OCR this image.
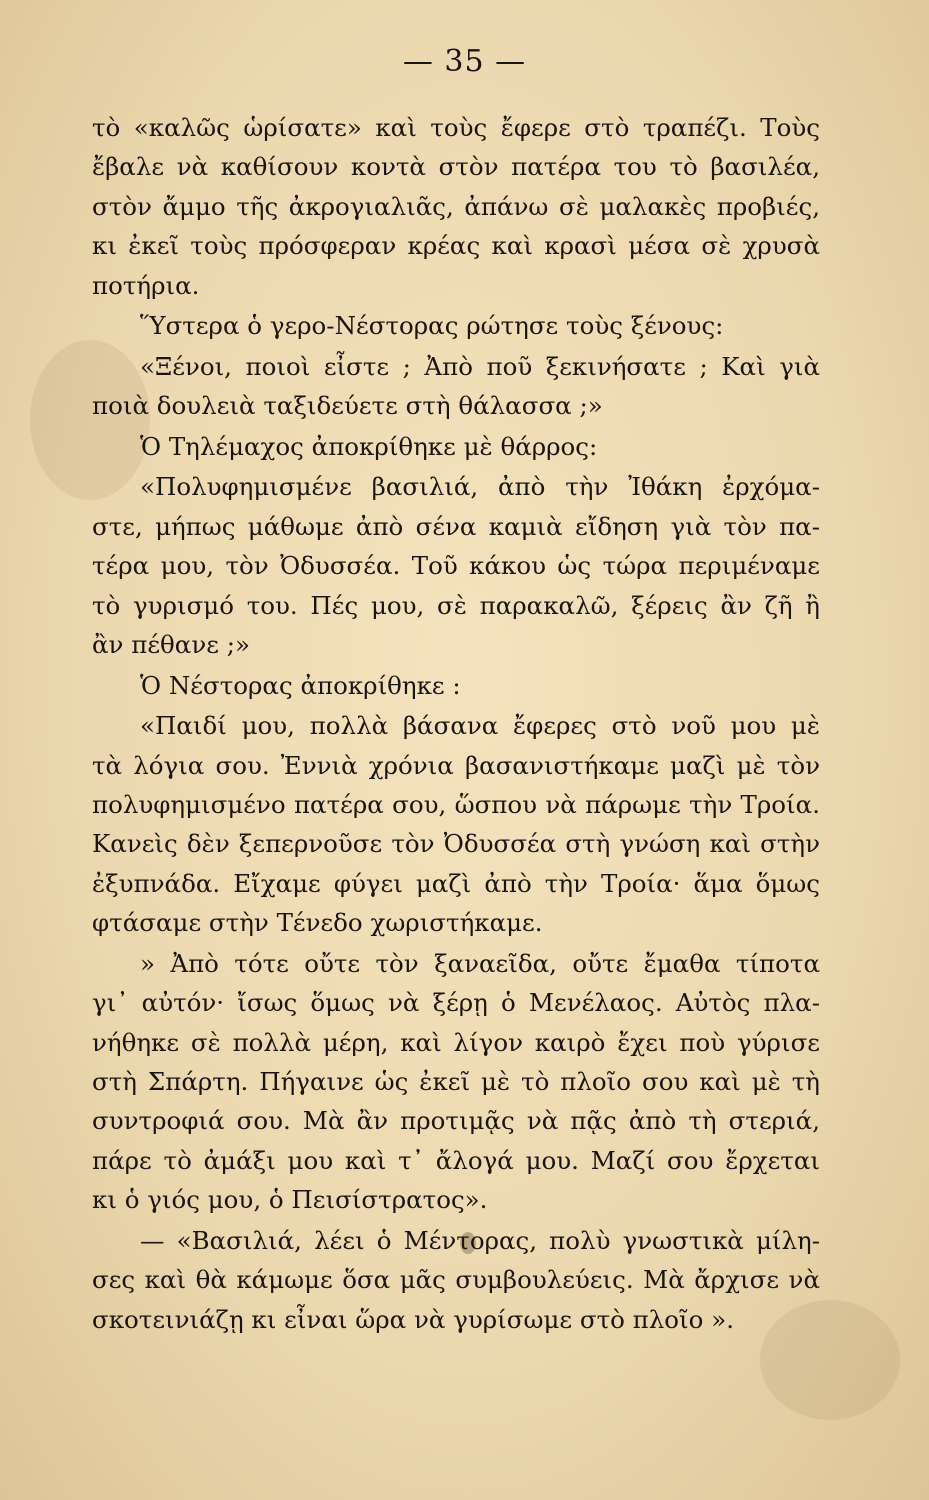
— 35 —
τὸ «καλῶς ὡρίσατε» καὶ τοὺς ἔφερε στὸ τραπέζι. Τοὺς
ἔβαλε νὰ καθίσουν κοντὰ στὸν πατέρα του τὸ βασιλέα,
στὸν ἄμμο τῆς ἀκρογιαλιᾶς, ἀπάνω σὲ μαλακὲς προβιές,
κι ἐκεῖ τοὺς πρόσφεραν κρέας καὶ κρασὶ μέσα σὲ χρυσὰ
ποτήρια.
Ὕστερα ὁ γερο-Νέστορας ρώτησε τοὺς ξένους:
«Ξένοι, ποιοὶ εἶστε ; Ἀπὸ ποῦ ξεκινήσατε ; Καὶ γιὰ
ποιὰ δουλειὰ ταξιδεύετε στὴ θάλασσα ;»
Ὁ Τηλέμαχος ἀποκρίθηκε μὲ θάρρος:
«Πολυφημισμένε βασιλιά, ἀπὸ τὴν Ἰθάκη ἐρχόμα-
στε, μήπως μάθωμε ἀπὸ σένα καμιὰ εἴδηση γιὰ τὸν πα-
τέρα μου, τὸν Ὀδυσσέα. Τοῦ κάκου ὡς τώρα περιμέναμε
τὸ γυρισμό του. Πές μου, σὲ παρακαλῶ, ξέρεις ἂν ζῆ ἢ
ἂν πέθανε ;»
Ὁ Νέστορας ἀποκρίθηκε :
«Παιδί μου, πολλὰ βάσανα ἔφερες στὸ νοῦ μου μὲ
τὰ λόγια σου. Ἐννιὰ χρόνια βασανιστήκαμε μαζὶ μὲ τὸν
πολυφημισμένο πατέρα σου, ὥσπου νὰ πάρωμε τὴν Τροία.
Κανεὶς δὲν ξεπερνοῦσε τὸν Ὀδυσσέα στὴ γνώση καὶ στὴν
ἐξυπνάδα. Εἴχαμε φύγει μαζὶ ἀπὸ τὴν Τροία· ἅμα ὅμως
φτάσαμε στὴν Τένεδο χωριστήκαμε.
» Ἀπὸ τότε οὔτε τὸν ξαναεῖδα, οὔτε ἔμαθα τίποτα
γι᾽ αὐτόν· ἴσως ὅμως νὰ ξέρῃ ὁ Μενέλαος. Αὐτὸς πλα-
νήθηκε σὲ πολλὰ μέρη, καὶ λίγον καιρὸ ἔχει ποὺ γύρισε
στὴ Σπάρτη. Πήγαινε ὡς ἐκεῖ μὲ τὸ πλοῖο σου καὶ μὲ τὴ
συντροφιά σου. Μὰ ἂν προτιμᾷς νὰ πᾷς ἀπὸ τὴ στεριά,
πάρε τὸ ἀμάξι μου καὶ τ᾽ ἄλογά μου. Μαζί σου ἔρχεται
κι ὁ γιός μου, ὁ Πεισίστρατος».
— «Βασιλιά, λέει ὁ Μέντορας, πολὺ γνωστικὰ μίλη-
σες καὶ θὰ κάμωμε ὅσα μᾶς συμβουλεύεις. Μὰ ἄρχισε νὰ
σκοτεινιάζῃ κι εἶναι ὥρα νὰ γυρίσωμε στὸ πλοῖο ».
